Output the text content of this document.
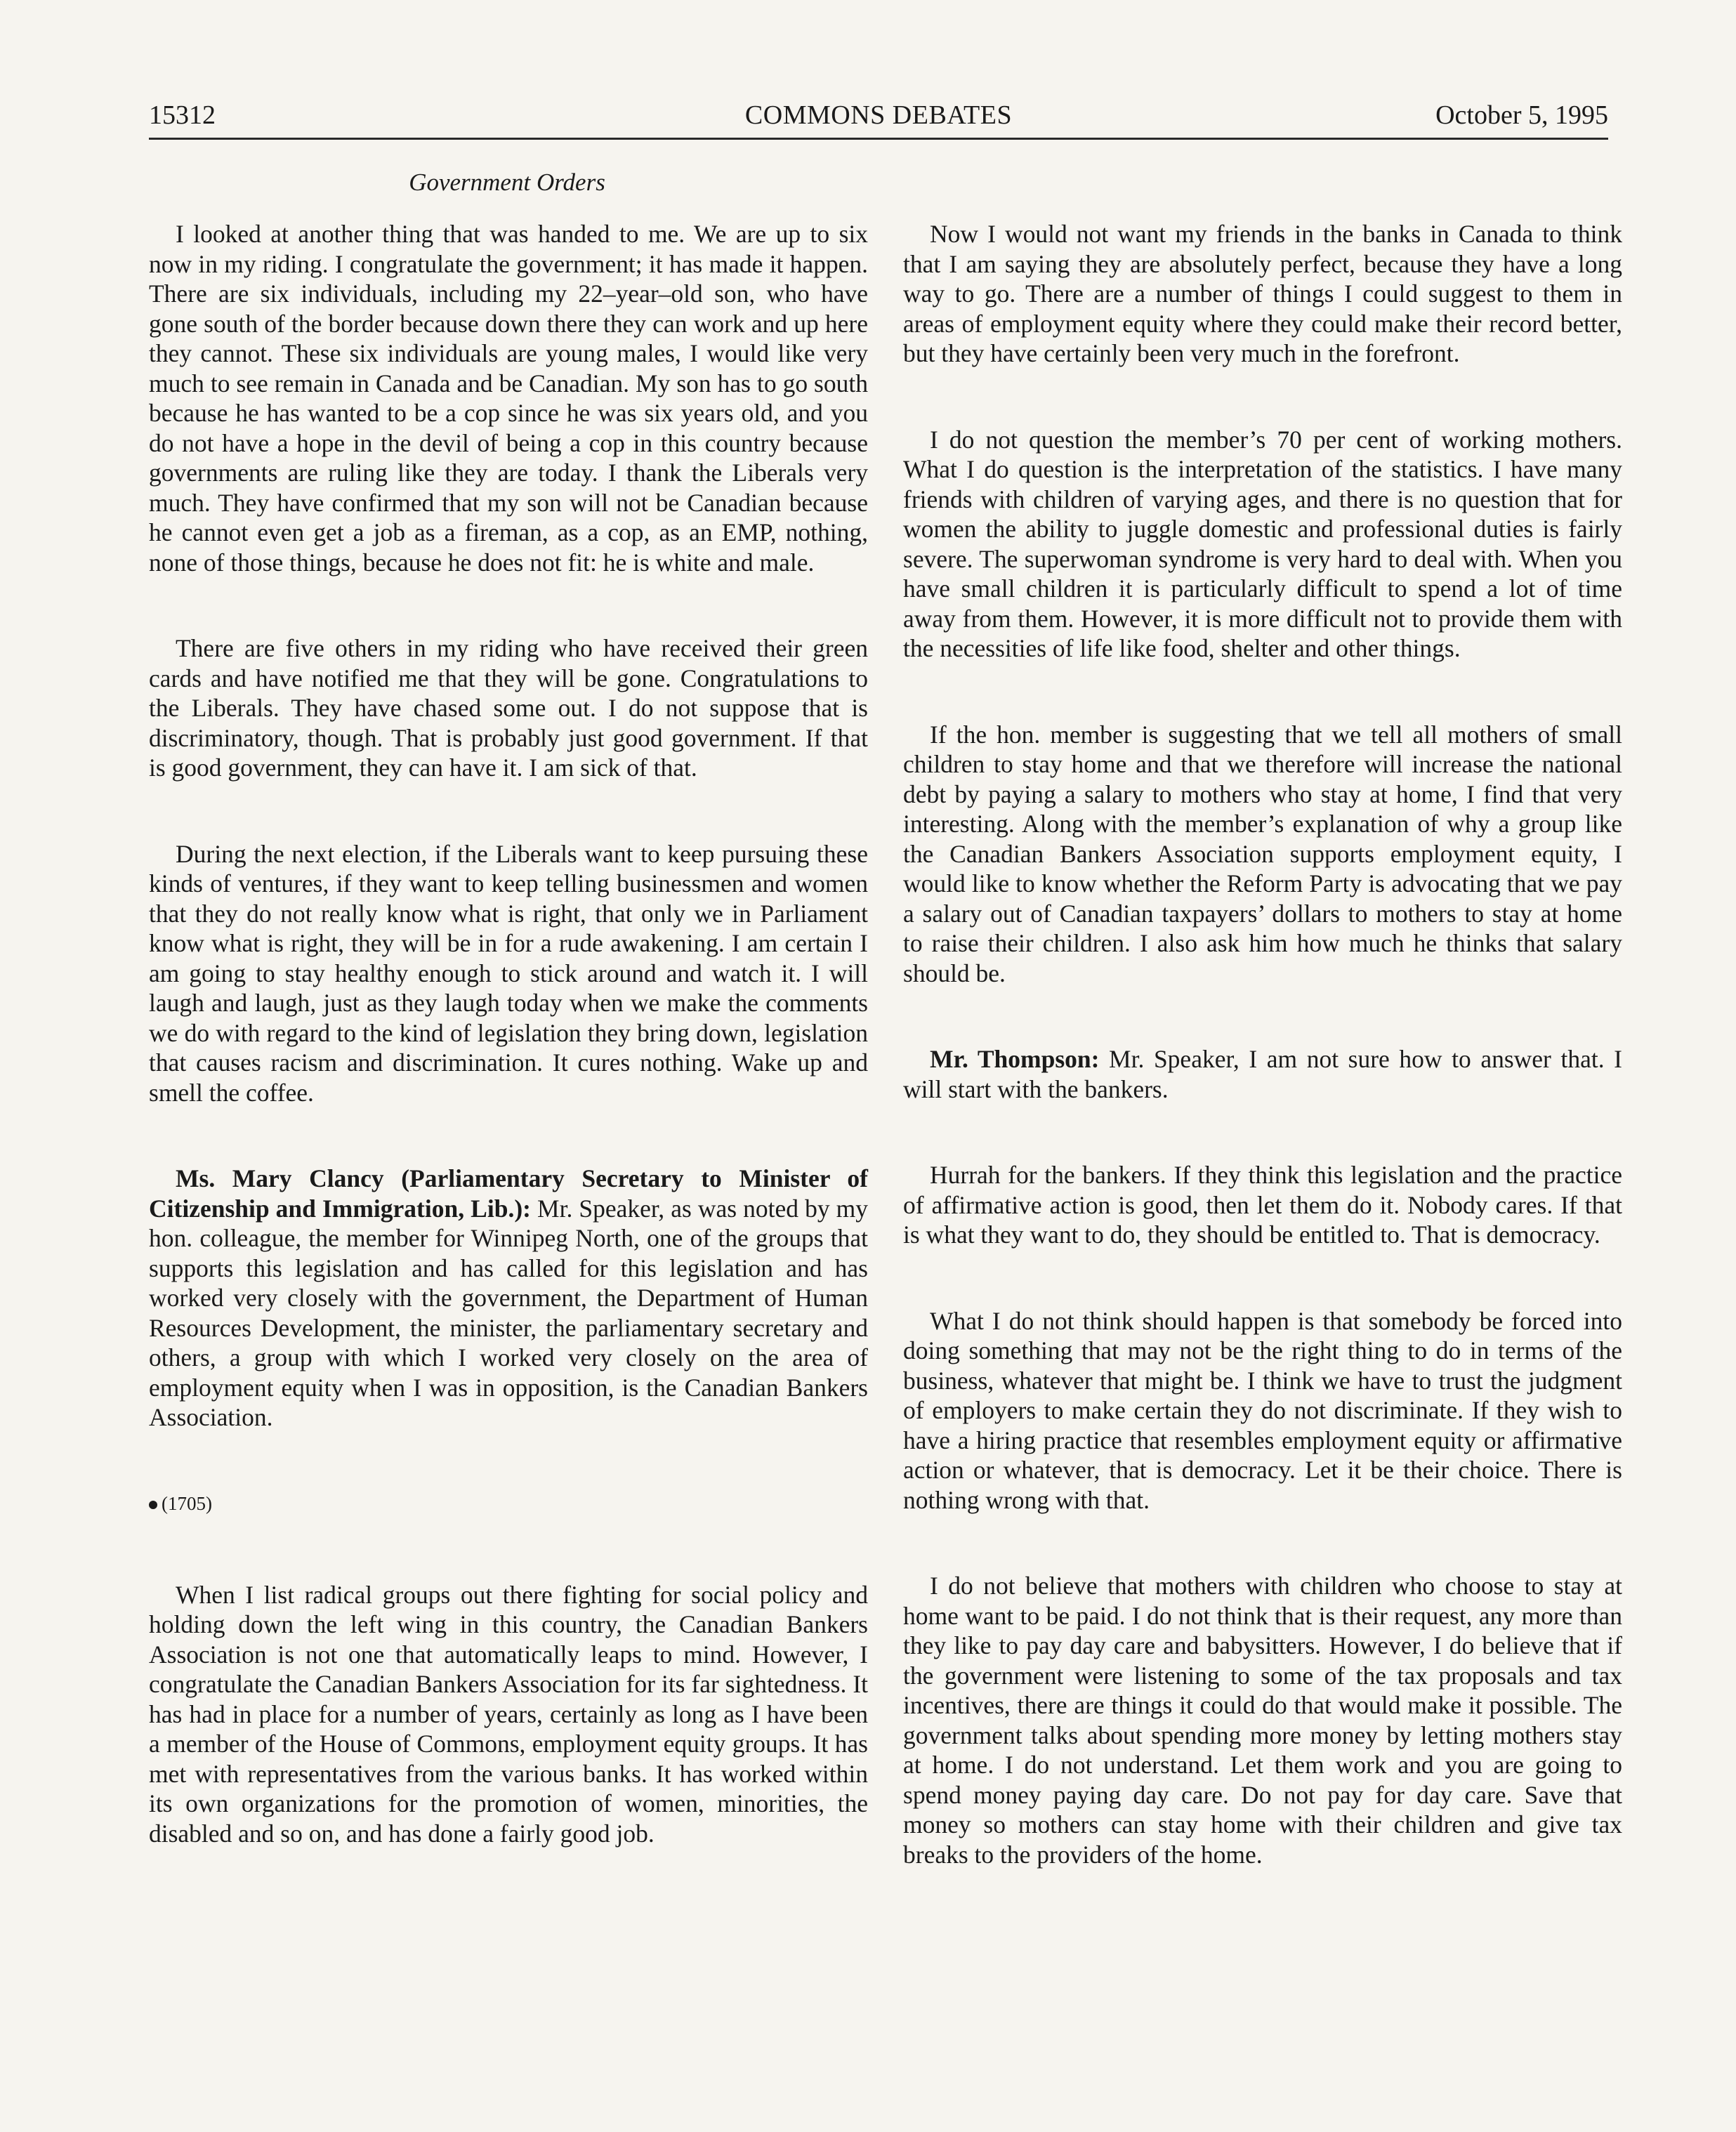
15312	COMMONS DEBATES	October 5, 1995
Government Orders

I looked at another thing that was handed to me. We are up to six now in my riding. I congratulate the government; it has made it happen. There are six individuals, including my 22–year–old son, who have gone south of the border because down there they can work and up here they cannot. These six individuals are young males, I would like very much to see remain in Canada and be Canadian. My son has to go south because he has wanted to be a cop since he was six years old, and you do not have a hope in the devil of being a cop in this country because governments are ruling like they are today. I thank the Liberals very much. They have confirmed that my son will not be Canadian because he cannot even get a job as a fireman, as a cop, as an EMP, nothing, none of those things, because he does not fit: he is white and male.

There are five others in my riding who have received their green cards and have notified me that they will be gone. Congratulations to the Liberals. They have chased some out. I do not suppose that is discriminatory, though. That is probably just good government. If that is good government, they can have it. I am sick of that.

During the next election, if the Liberals want to keep pursuing these kinds of ventures, if they want to keep telling businessmen and women that they do not really know what is right, that only we in Parliament know what is right, they will be in for a rude awakening. I am certain I am going to stay healthy enough to stick around and watch it. I will laugh and laugh, just as they laugh today when we make the comments we do with regard to the kind of legislation they bring down, legislation that causes racism and discrimination. It cures nothing. Wake up and smell the coffee.

Ms. Mary Clancy (Parliamentary Secretary to Minister of Citizenship and Immigration, Lib.): Mr. Speaker, as was noted by my hon. colleague, the member for Winnipeg North, one of the groups that supports this legislation and has called for this legislation and has worked very closely with the government, the Department of Human Resources Development, the minister, the parliamentary secretary and others, a group with which I worked very closely on the area of employment equity when I was in opposition, is the Canadian Bankers Association.

(1705)

When I list radical groups out there fighting for social policy and holding down the left wing in this country, the Canadian Bankers Association is not one that automatically leaps to mind. However, I congratulate the Canadian Bankers Association for its far sightedness. It has had in place for a number of years, certainly as long as I have been a member of the House of Commons, employment equity groups. It has met with representatives from the various banks. It has worked within its own organizations for the promotion of women, minorities, the disabled and so on, and has done a fairly good job.

Now I would not want my friends in the banks in Canada to think that I am saying they are absolutely perfect, because they have a long way to go. There are a number of things I could suggest to them in areas of employment equity where they could make their record better, but they have certainly been very much in the forefront.

I do not question the member’s 70 per cent of working mothers. What I do question is the interpretation of the statistics. I have many friends with children of varying ages, and there is no question that for women the ability to juggle domestic and professional duties is fairly severe. The superwoman syndrome is very hard to deal with. When you have small children it is particularly difficult to spend a lot of time away from them. However, it is more difficult not to provide them with the necessities of life like food, shelter and other things.

If the hon. member is suggesting that we tell all mothers of small children to stay home and that we therefore will increase the national debt by paying a salary to mothers who stay at home, I find that very interesting. Along with the member’s explanation of why a group like the Canadian Bankers Association supports employment equity, I would like to know whether the Reform Party is advocating that we pay a salary out of Canadian taxpayers’ dollars to mothers to stay at home to raise their children. I also ask him how much he thinks that salary should be.

Mr. Thompson: Mr. Speaker, I am not sure how to answer that. I will start with the bankers.

Hurrah for the bankers. If they think this legislation and the practice of affirmative action is good, then let them do it. Nobody cares. If that is what they want to do, they should be entitled to. That is democracy.

What I do not think should happen is that somebody be forced into doing something that may not be the right thing to do in terms of the business, whatever that might be. I think we have to trust the judgment of employers to make certain they do not discriminate. If they wish to have a hiring practice that resembles employment equity or affirmative action or whatever, that is democracy. Let it be their choice. There is nothing wrong with that.

I do not believe that mothers with children who choose to stay at home want to be paid. I do not think that is their request, any more than they like to pay day care and babysitters. However, I do believe that if the government were listening to some of the tax proposals and tax incentives, there are things it could do that would make it possible. The government talks about spending more money by letting mothers stay at home. I do not understand. Let them work and you are going to spend money paying day care. Do not pay for day care. Save that money so mothers can stay home with their children and give tax breaks to the providers of the home.
